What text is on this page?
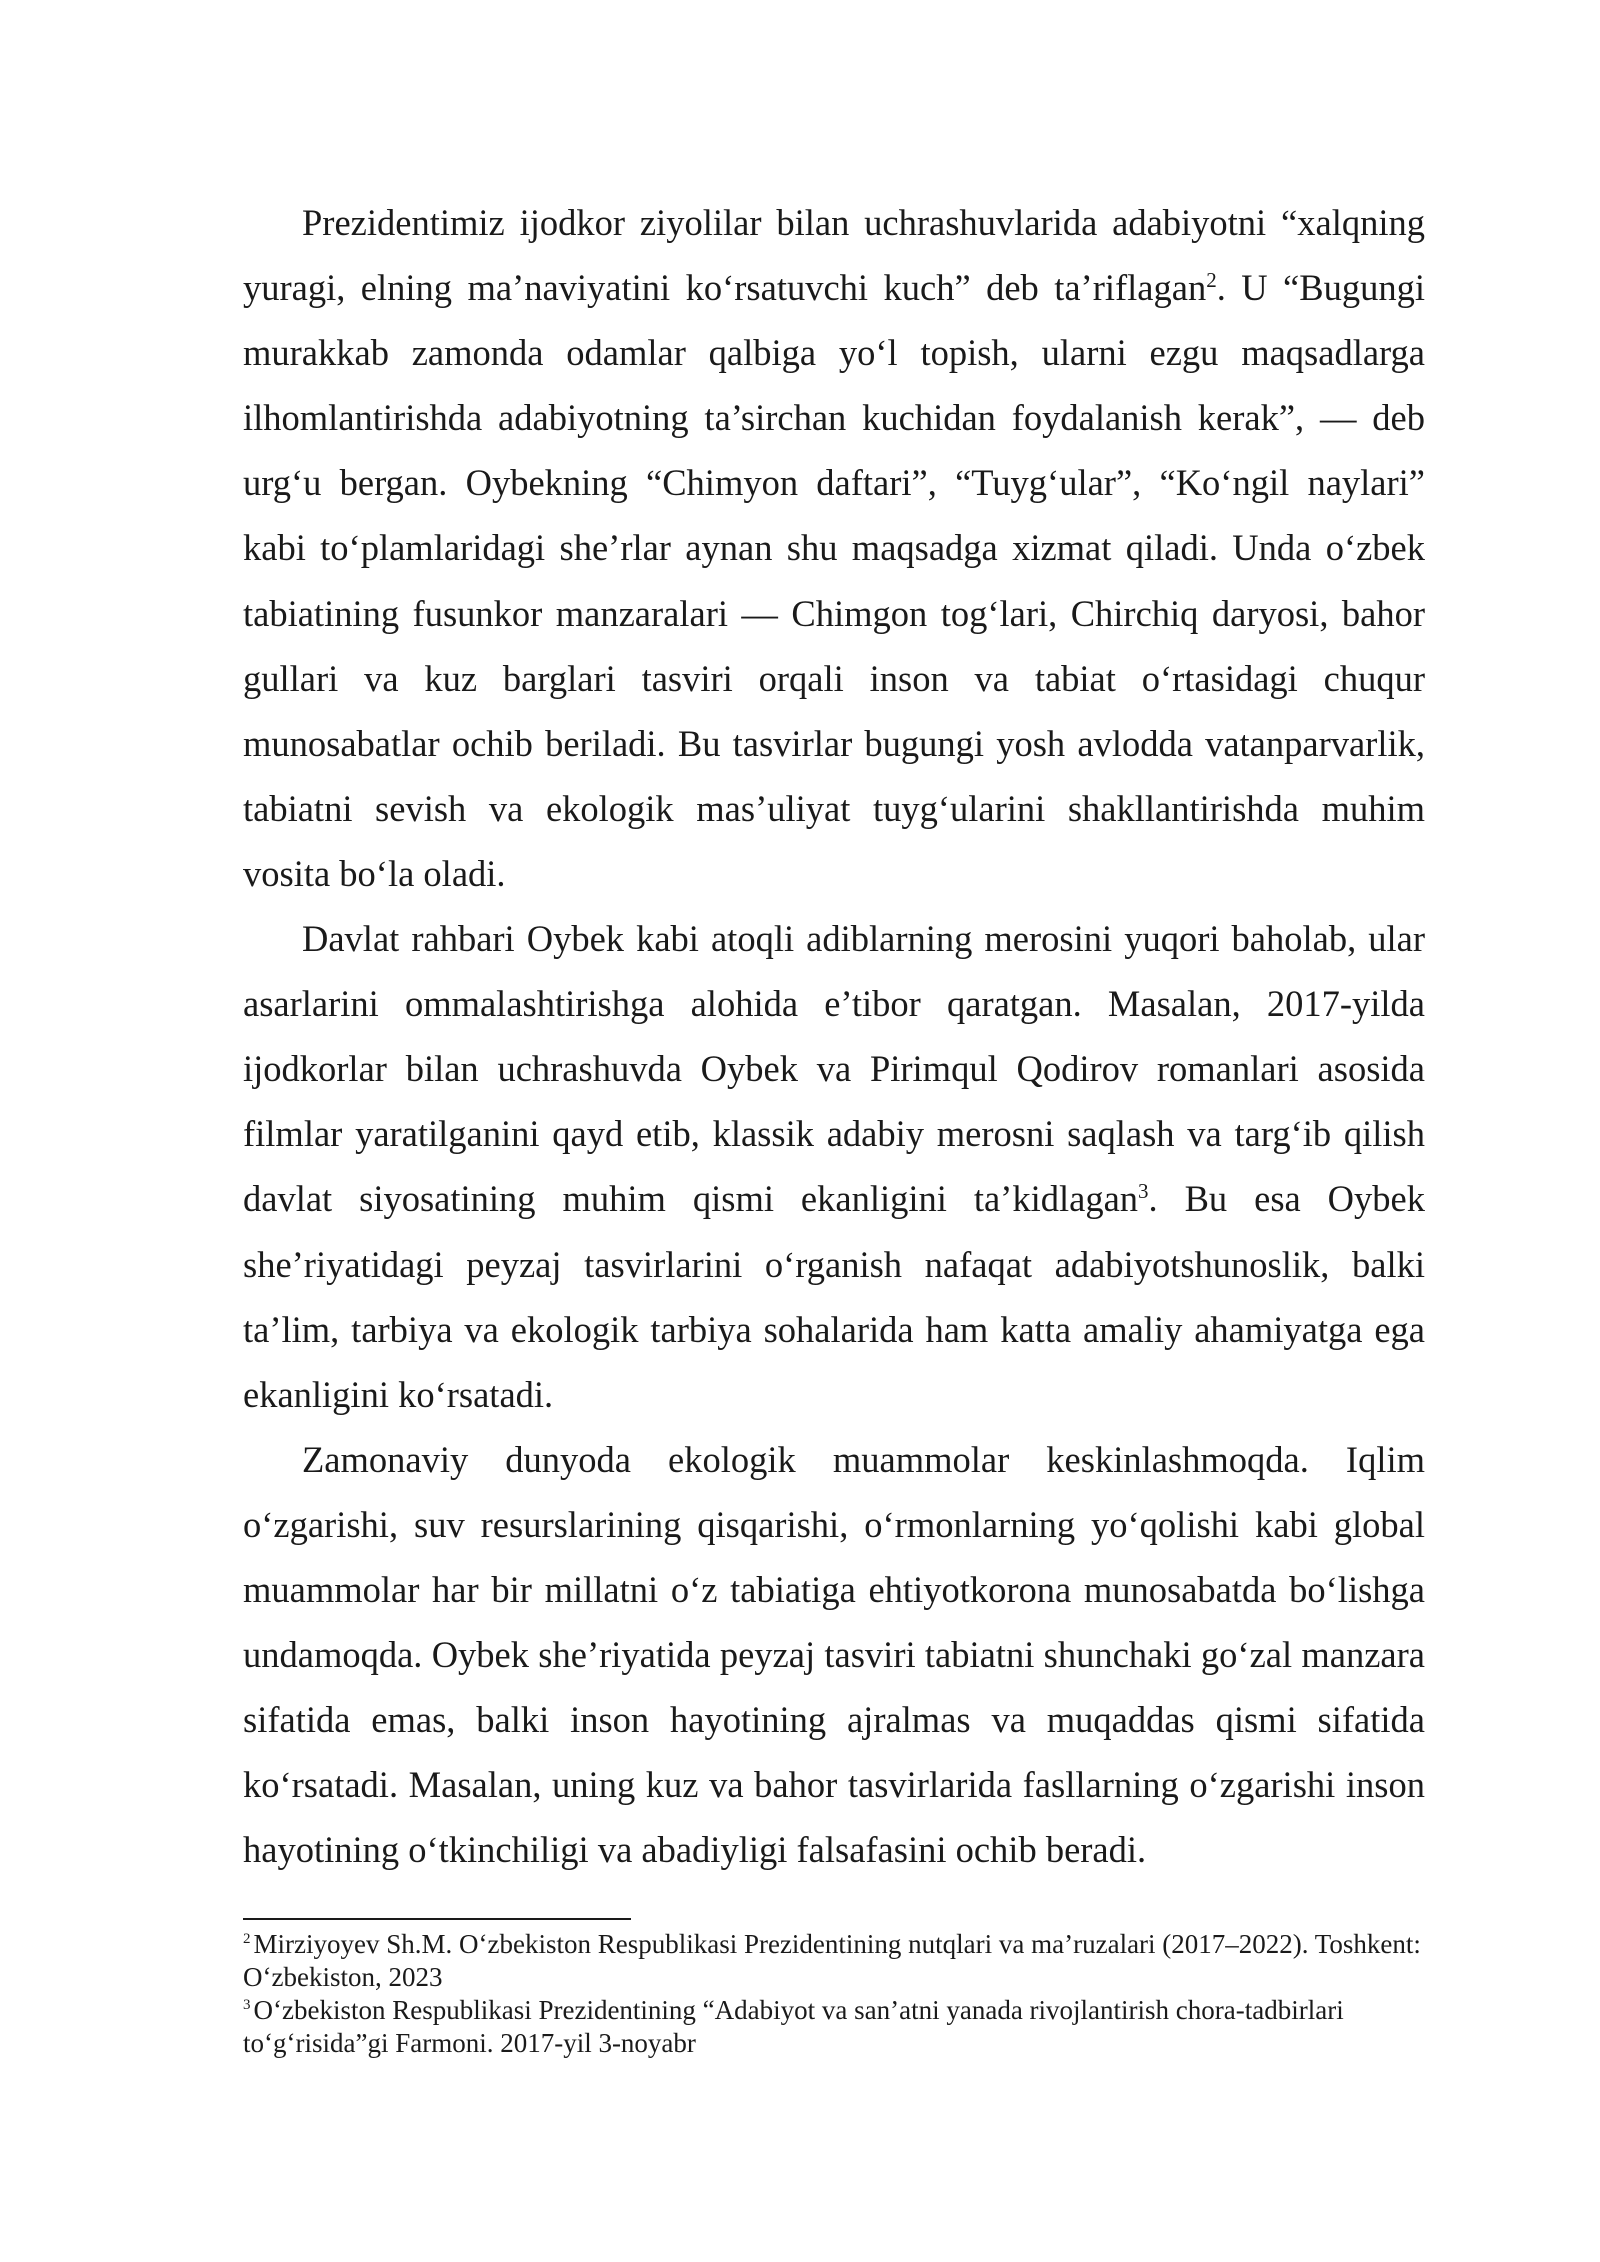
Prezidentimiz ijodkor ziyolilar bilan uchrashuvlarida adabiyotni “xalqning yuragi, elning ma’naviyatini ko‘rsatuvchi kuch” deb ta’riflagan$^2$. U “Bugungi murakkab zamonda odamlar qalbiga yo‘l topish, ularni ezgu maqsadlarga ilhomlantirishda adabiyotning ta’sirchan kuchidan foydalanish kerak”, — deb urg‘u bergan. Oybekning “Chimyon daftari”, “Tuyg‘ular”, “Ko‘ngil naylari” kabi to‘plamlaridagi she’rlar aynan shu maqsadga xizmat qiladi. Unda o‘zbek tabiatining fusunkor manzaralari — Chimgon tog‘lari, Chirchiq daryosi, bahor gullari va kuz barglari tasviri orqali inson va tabiat o‘rtasidagi chuqur munosabatlar ochib beriladi. Bu tasvirlar bugungi yosh avlodda vatanparvarlik, tabiatni sevish va ekologik mas’uliyat tuyg‘ularini shakllantirishda muhim vosita bo‘la oladi.

Davlat rahbari Oybek kabi atoqli adiblarning merosini yuqori baholab, ular asarlarini ommalashtirishga alohida e’tibor qaratgan. Masalan, 2017-yilda ijodkorlar bilan uchrashuvda Oybek va Pirimqul Qodirov romanlari asosida filmlar yaratilganini qayd etib, klassik adabiy merosni saqlash va targ‘ib qilish davlat siyosatining muhim qismi ekanligini ta’kidlagan$^3$. Bu esa Oybek she’riyatidagi peyzaj tasvirlarini o‘rganish nafaqat adabiyotshunoslik, balki ta’lim, tarbiya va ekologik tarbiya sohalarida ham katta amaliy ahamiyatga ega ekanligini ko‘rsatadi.

Zamonaviy dunyoda ekologik muammolar keskinlashmoqda. Iqlim o‘zgarishi, suv resurslarining qisqarishi, o‘rmonlarning yo‘qolishi kabi global muammolar har bir millatni o‘z tabiatiga ehtiyotkorona munosabatda bo‘lishga undamoqda. Oybek she’riyatida peyzaj tasviri tabiatni shunchaki go‘zal manzara sifatida emas, balki inson hayotining ajralmas va muqaddas qismi sifatida ko‘rsatadi. Masalan, uning kuz va bahor tasvirlarida fasllarning o‘zgarishi inson hayotining o‘tkinchiligi va abadiyligi falsafasini ochib beradi.

$^2$ Mirziyoyev Sh.M. O‘zbekiston Respublikasi Prezidentining nutqlari va ma’ruzalari (2017–2022). Toshkent: O‘zbekiston, 2023

$^3$ O‘zbekiston Respublikasi Prezidentining “Adabiyot va san’atni yanada rivojlantirish chora-tadbirlari to‘g‘risida”gi Farmoni. 2017-yil 3-noyabr
